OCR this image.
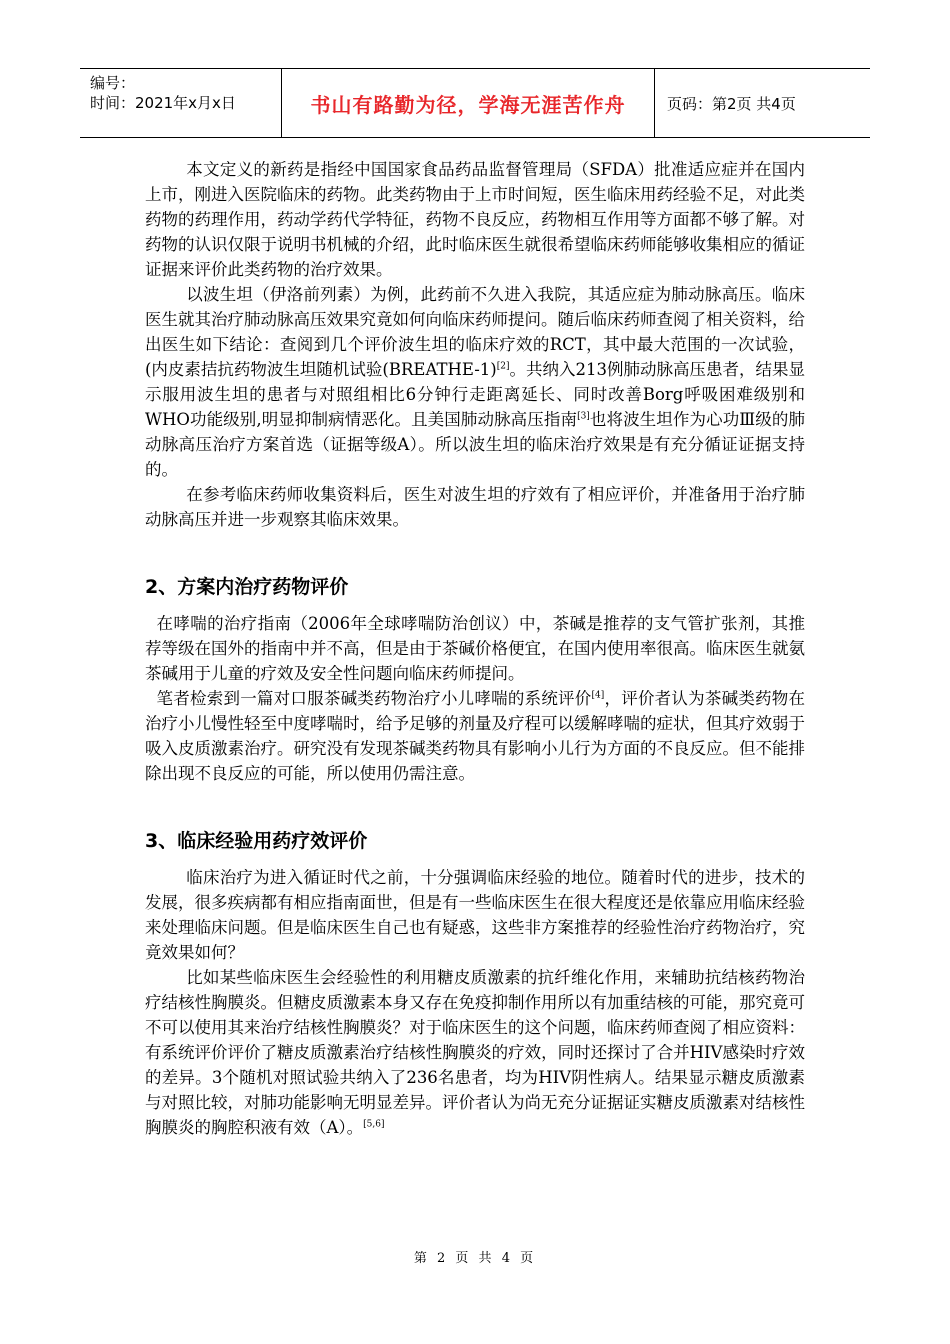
编号：
时间：2021年x月x日	书山有路勤为径，学海无涯苦作舟	页码：第2页 共4页

本文定义的新药是指经中国国家食品药品监督管理局（SFDA）批准适应症并在国内上市，刚进入医院临床的药物。此类药物由于上市时间短，医生临床用药经验不足，对此类药物的药理作用，药动学药代学特征，药物不良反应，药物相互作用等方面都不够了解。对药物的认识仅限于说明书机械的介绍，此时临床医生就很希望临床药师能够收集相应的循证证据来评价此类药物的治疗效果。

以波生坦（伊洛前列素）为例，此药前不久进入我院，其适应症为肺动脉高压。临床医生就其治疗肺动脉高压效果究竟如何向临床药师提问。随后临床药师查阅了相关资料，给出医生如下结论：查阅到几个评价波生坦的临床疗效的RCT，其中最大范围的一次试验，(内皮素拮抗药物波生坦随机试验(BREATHE-1)[2]。共纳入213例肺动脉高压患者，结果显示服用波生坦的患者与对照组相比6分钟行走距离延长、同时改善Borg呼吸困难级别和WHO功能级别,明显抑制病情恶化。且美国肺动脉高压指南[3]也将波生坦作为心功Ⅲ级的肺动脉高压治疗方案首选（证据等级A）。所以波生坦的临床治疗效果是有充分循证证据支持的。

在参考临床药师收集资料后，医生对波生坦的疗效有了相应评价，并准备用于治疗肺动脉高压并进一步观察其临床效果。

2、方案内治疗药物评价

在哮喘的治疗指南（2006年全球哮喘防治创议）中，茶碱是推荐的支气管扩张剂，其推荐等级在国外的指南中并不高，但是由于茶碱价格便宜，在国内使用率很高。临床医生就氨茶碱用于儿童的疗效及安全性问题向临床药师提问。

笔者检索到一篇对口服茶碱类药物治疗小儿哮喘的系统评价[4]，评价者认为茶碱类药物在治疗小儿慢性轻至中度哮喘时，给予足够的剂量及疗程可以缓解哮喘的症状，但其疗效弱于吸入皮质激素治疗。研究没有发现茶碱类药物具有影响小儿行为方面的不良反应。但不能排除出现不良反应的可能，所以使用仍需注意。

3、临床经验用药疗效评价

临床治疗为进入循证时代之前，十分强调临床经验的地位。随着时代的进步，技术的发展，很多疾病都有相应指南面世，但是有一些临床医生在很大程度还是依靠应用临床经验来处理临床问题。但是临床医生自己也有疑惑，这些非方案推荐的经验性治疗药物治疗，究竟效果如何？

比如某些临床医生会经验性的利用糖皮质激素的抗纤维化作用，来辅助抗结核药物治疗结核性胸膜炎。但糖皮质激素本身又存在免疫抑制作用所以有加重结核的可能，那究竟可不可以使用其来治疗结核性胸膜炎？对于临床医生的这个问题，临床药师查阅了相应资料：有系统评价评价了糖皮质激素治疗结核性胸膜炎的疗效，同时还探讨了合并HIV感染时疗效的差异。3个随机对照试验共纳入了236名患者，均为HIV阴性病人。结果显示糖皮质激素与对照比较，对肺功能影响无明显差异。评价者认为尚无充分证据证实糖皮质激素对结核性胸膜炎的胸腔积液有效（A）。[5,6]

第 2 页 共 4 页
